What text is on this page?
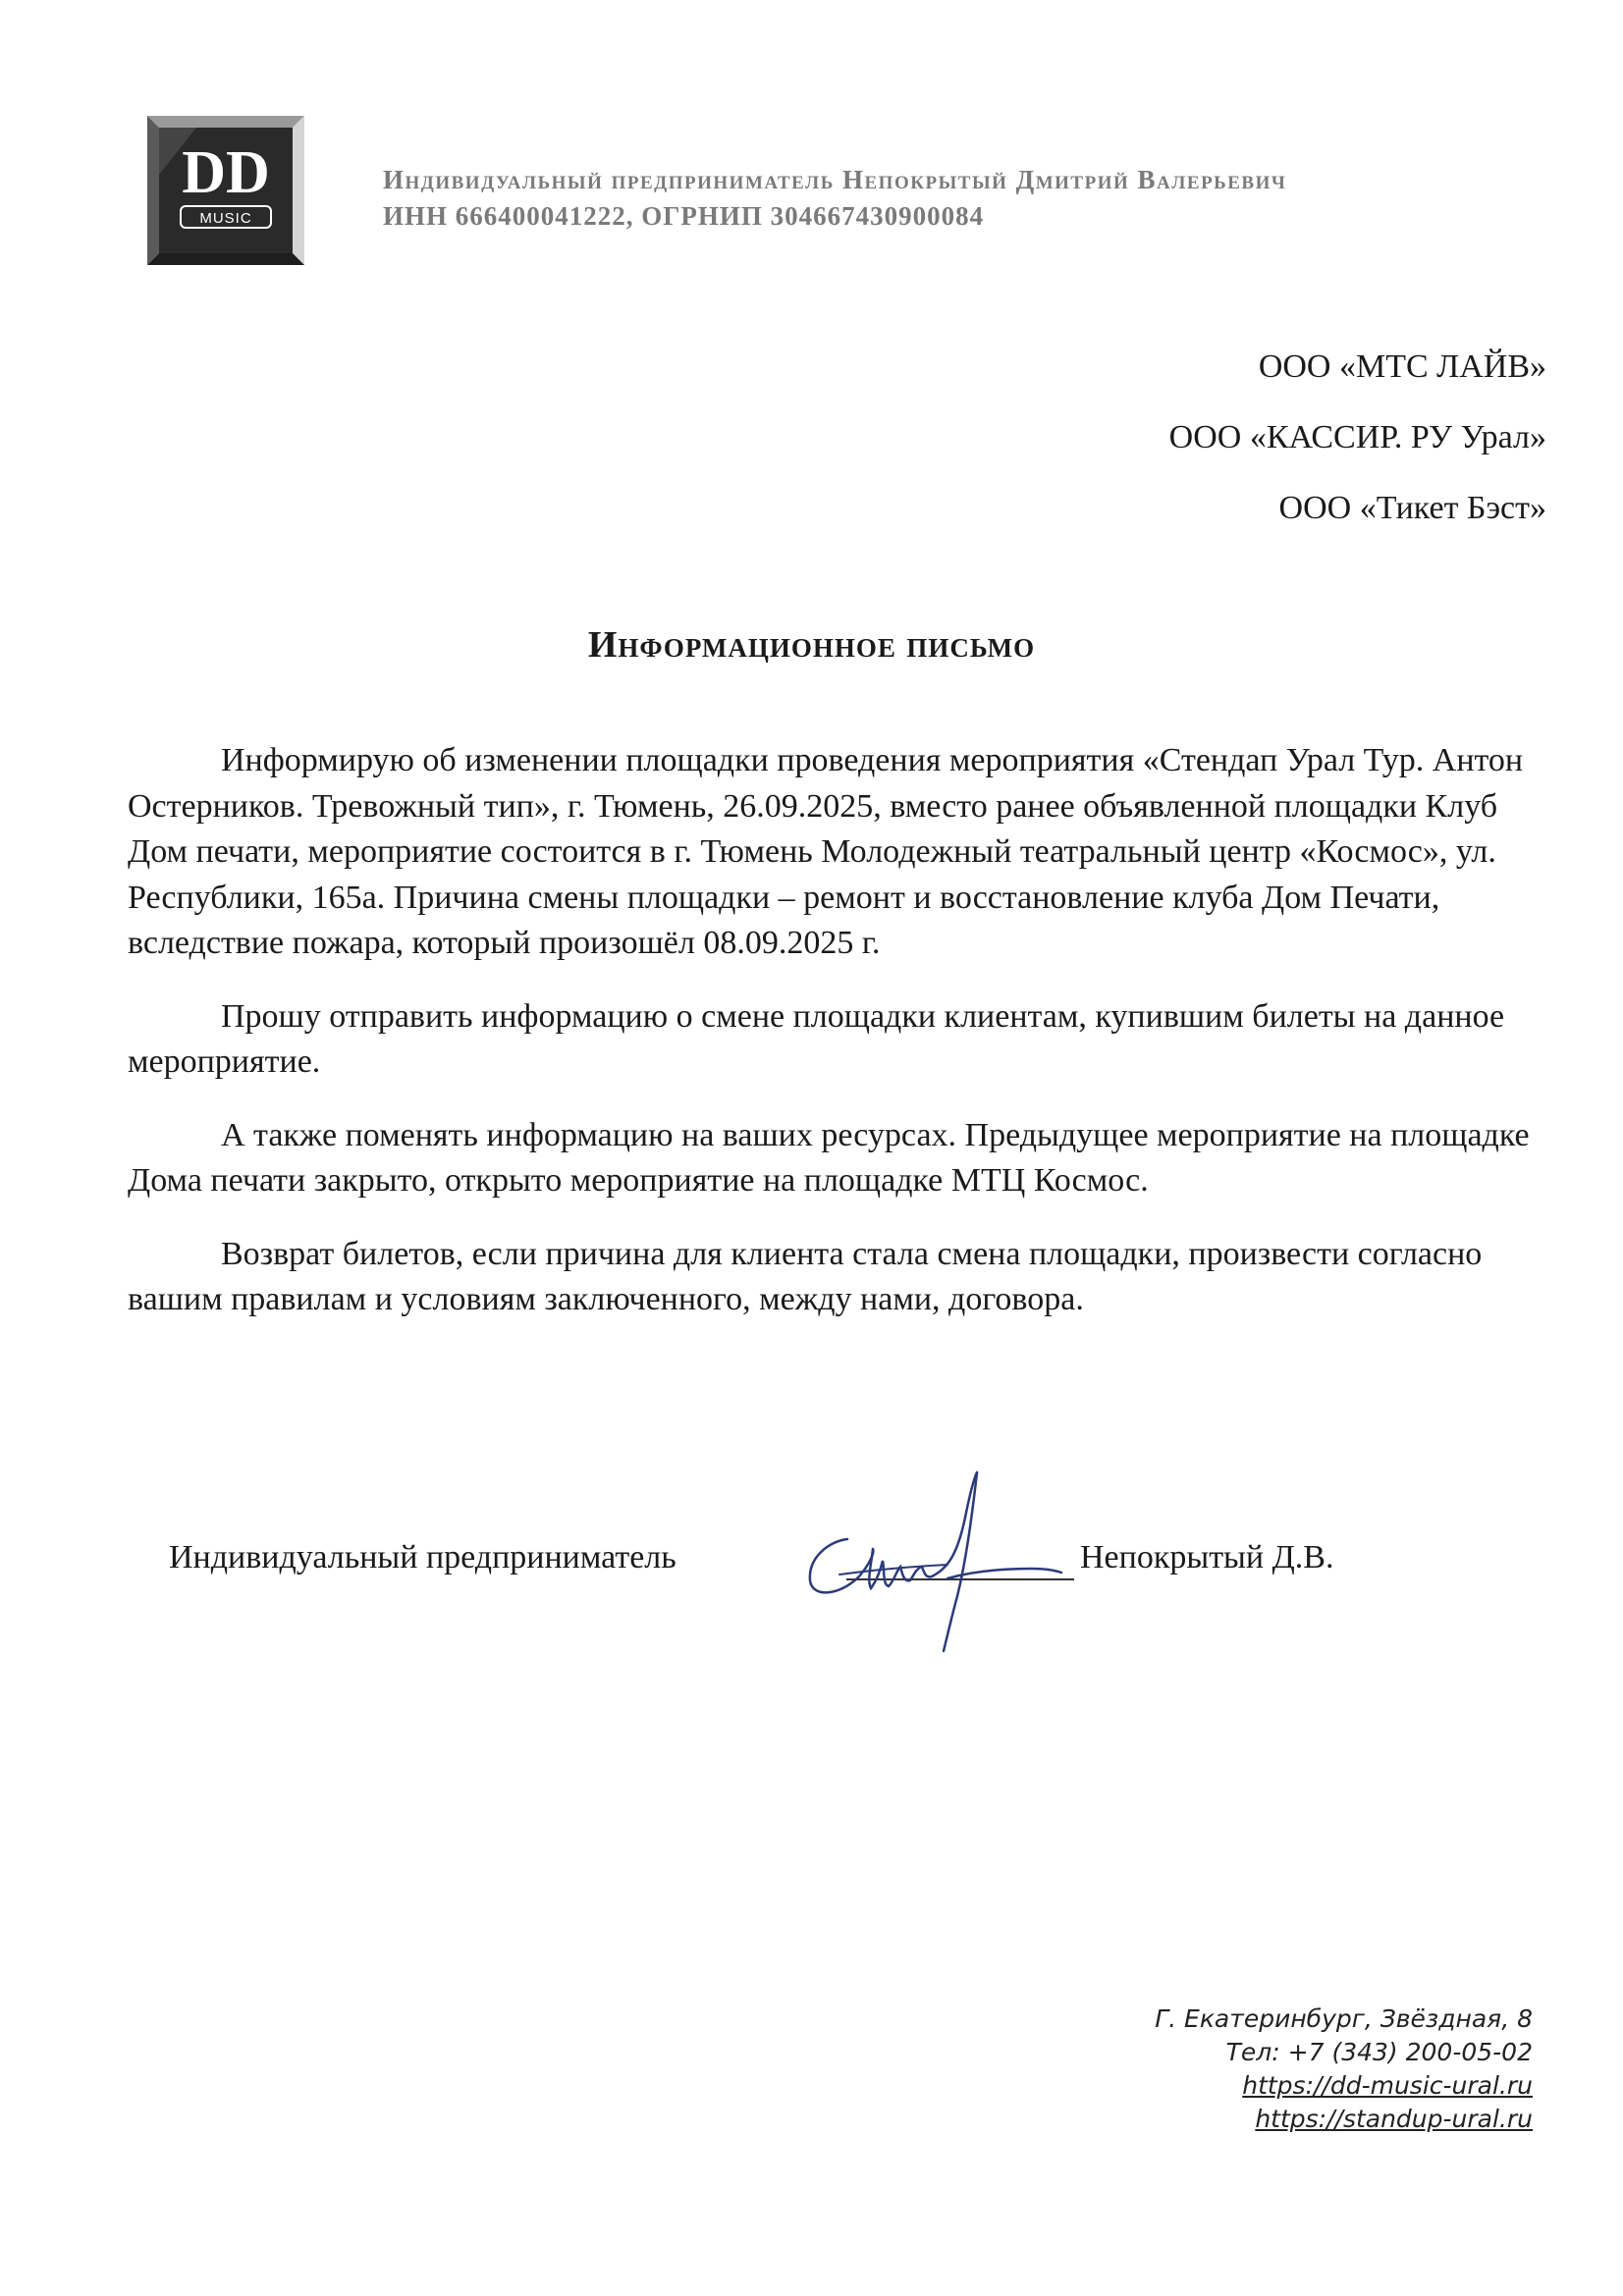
DD
MUSIC
Индивидуальный предприниматель Непокрытый Дмитрий Валерьевич
ИНН 666400041222, ОГРНИП 304667430900084
ООО «МТС ЛАЙВ»
ООО «КАССИР. РУ Урал»
ООО «Тикет Бэст»
Информационное письмо

Информирую об изменении площадки проведения мероприятия «Стендап Урал Тур. Антон Остерников. Тревожный тип», г. Тюмень, 26.09.2025, вместо ранее объявленной площадки Клуб Дом печати, мероприятие состоится в г. Тюмень Молодежный театральный центр «Космос», ул. Республики, 165а. Причина смены площадки – ремонт и восстановление клуба Дом Печати, вследствие пожара, который произошёл 08.09.2025 г.

Прошу отправить информацию о смене площадки клиентам, купившим билеты на данное мероприятие.

А также поменять информацию на ваших ресурсах. Предыдущее мероприятие на площадке Дома печати закрыто, открыто мероприятие на площадке МТЦ Космос.

Возврат билетов, если причина для клиента стала смена площадки, произвести согласно вашим правилам и условиям заключенного, между нами, договора.

Индивидуальный предприниматель	Непокрытый Д.В.
Г. Екатеринбург, Звёздная, 8
Тел: +7 (343) 200-05-02
https://dd-music-ural.ru
https://standup-ural.ru
